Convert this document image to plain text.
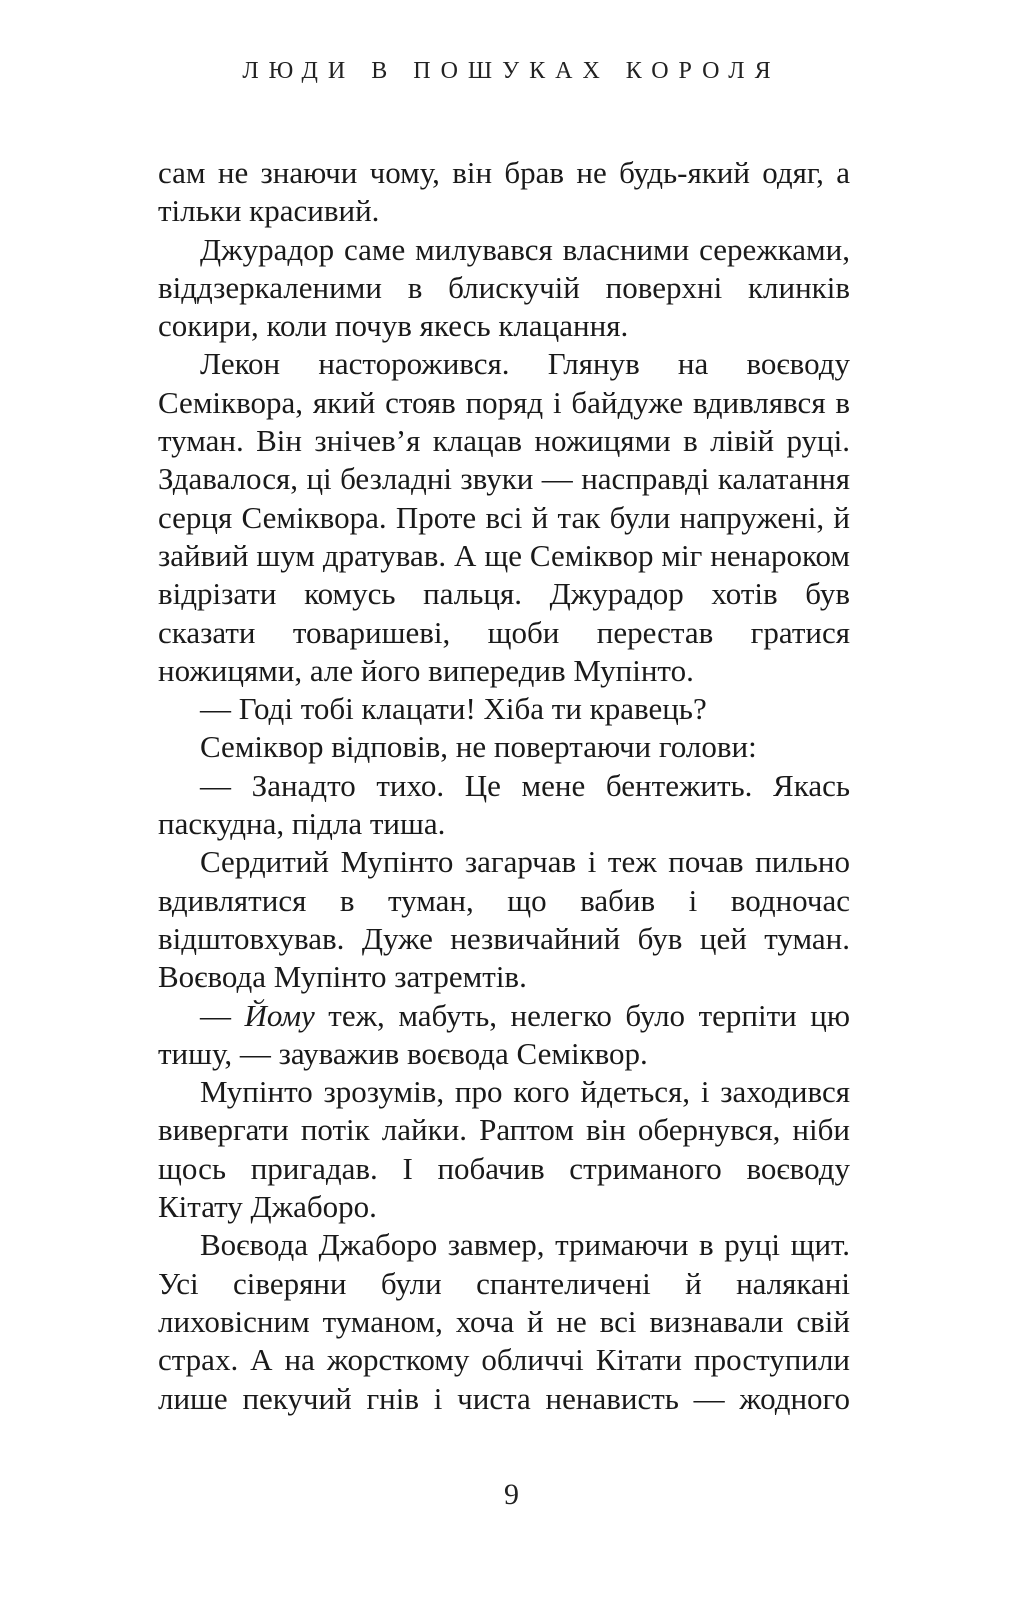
ЛЮДИ В ПОШУКАХ КОРОЛЯ

сам не знаючи чому, він брав не будь-який одяг, а тільки красивий.

Джурадор саме милувався власними сережками, віддзеркаленими в блискучій поверхні клинків сокири, коли почув якесь клацання.

Лекон насторожився. Глянув на воєводу Семіквора, який стояв поряд і байдуже вдивлявся в туман. Він знічев’я клацав ножицями в лівій руці. Здавалося, ці безладні звуки — насправді калатання серця Семіквора. Проте всі й так були напружені, й зайвий шум дратував. А ще Семіквор міг ненароком відрізати комусь пальця. Джурадор хотів був сказати товаришеві, щоби перестав гратися ножицями, але його випередив Мупінто.

— Годі тобі клацати! Хіба ти кравець?

Семіквор відповів, не повертаючи голови:

— Занадто тихо. Це мене бентежить. Якась паскудна, підла тиша.

Сердитий Мупінто загарчав і теж почав пильно вдивлятися в туман, що вабив і водночас відштовхував. Дуже незвичайний був цей туман. Воєвода Мупінто затремтів.

— Йому теж, мабуть, нелегко було терпіти цю тишу, — зауважив воєвода Семіквор.

Мупінто зрозумів, про кого йдеться, і заходився вивергати потік лайки. Раптом він обернувся, ніби щось пригадав. І побачив стриманого воєводу Кітату Джаборо.

Воєвода Джаборо завмер, тримаючи в руці щит. Усі сіверяни були спантеличені й налякані лиховісним туманом, хоча й не всі визнавали свій страх. А на жорсткому обличчі Кітати проступили лише пекучий гнів і чиста ненависть — жодного

9
